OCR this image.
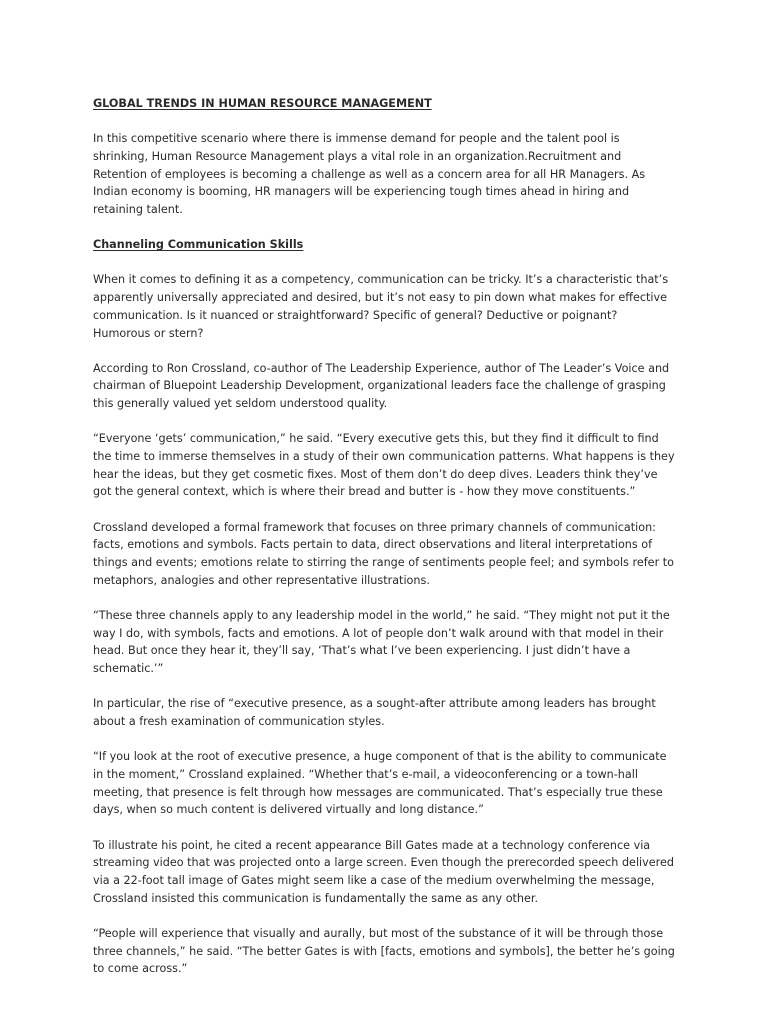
GLOBAL TRENDS IN HUMAN RESOURCE MANAGEMENT

In this competitive scenario where there is immense demand for people and the talent pool is shrinking, Human Resource Management plays a vital role in an organization.Recruitment and Retention of employees is becoming a challenge as well as a concern area for all HR Managers. As Indian economy is booming, HR managers will be experiencing tough times ahead in hiring and retaining talent.

Channeling Communication Skills

When it comes to defining it as a competency, communication can be tricky. It’s a characteristic that’s apparently universally appreciated and desired, but it’s not easy to pin down what makes for effective communication. Is it nuanced or straightforward? Specific of general? Deductive or poignant? Humorous or stern?

According to Ron Crossland, co-author of The Leadership Experience, author of The Leader’s Voice and chairman of Bluepoint Leadership Development, organizational leaders face the challenge of grasping this generally valued yet seldom understood quality.

“Everyone ‘gets’ communication,” he said. “Every executive gets this, but they find it difficult to find the time to immerse themselves in a study of their own communication patterns. What happens is they hear the ideas, but they get cosmetic fixes. Most of them don’t do deep dives. Leaders think they’ve got the general context, which is where their bread and butter is - how they move constituents.”

Crossland developed a formal framework that focuses on three primary channels of communication: facts, emotions and symbols. Facts pertain to data, direct observations and literal interpretations of things and events; emotions relate to stirring the range of sentiments people feel; and symbols refer to metaphors, analogies and other representative illustrations.

“These three channels apply to any leadership model in the world,” he said. “They might not put it the way I do, with symbols, facts and emotions. A lot of people don’t walk around with that model in their head. But once they hear it, they’ll say, ‘That’s what I’ve been experiencing. I just didn’t have a schematic.’”

In particular, the rise of “executive presence, as a sought-after attribute among leaders has brought about a fresh examination of communication styles.

“If you look at the root of executive presence, a huge component of that is the ability to communicate in the moment,” Crossland explained. “Whether that’s e-mail, a videoconferencing or a town-hall meeting, that presence is felt through how messages are communicated. That’s especially true these days, when so much content is delivered virtually and long distance.”

To illustrate his point, he cited a recent appearance Bill Gates made at a technology conference via streaming video that was projected onto a large screen. Even though the prerecorded speech delivered via a 22-foot tall image of Gates might seem like a case of the medium overwhelming the message, Crossland insisted this communication is fundamentally the same as any other.

“People will experience that visually and aurally, but most of the substance of it will be through those three channels,” he said. “The better Gates is with [facts, emotions and symbols], the better he’s going to come across.”
